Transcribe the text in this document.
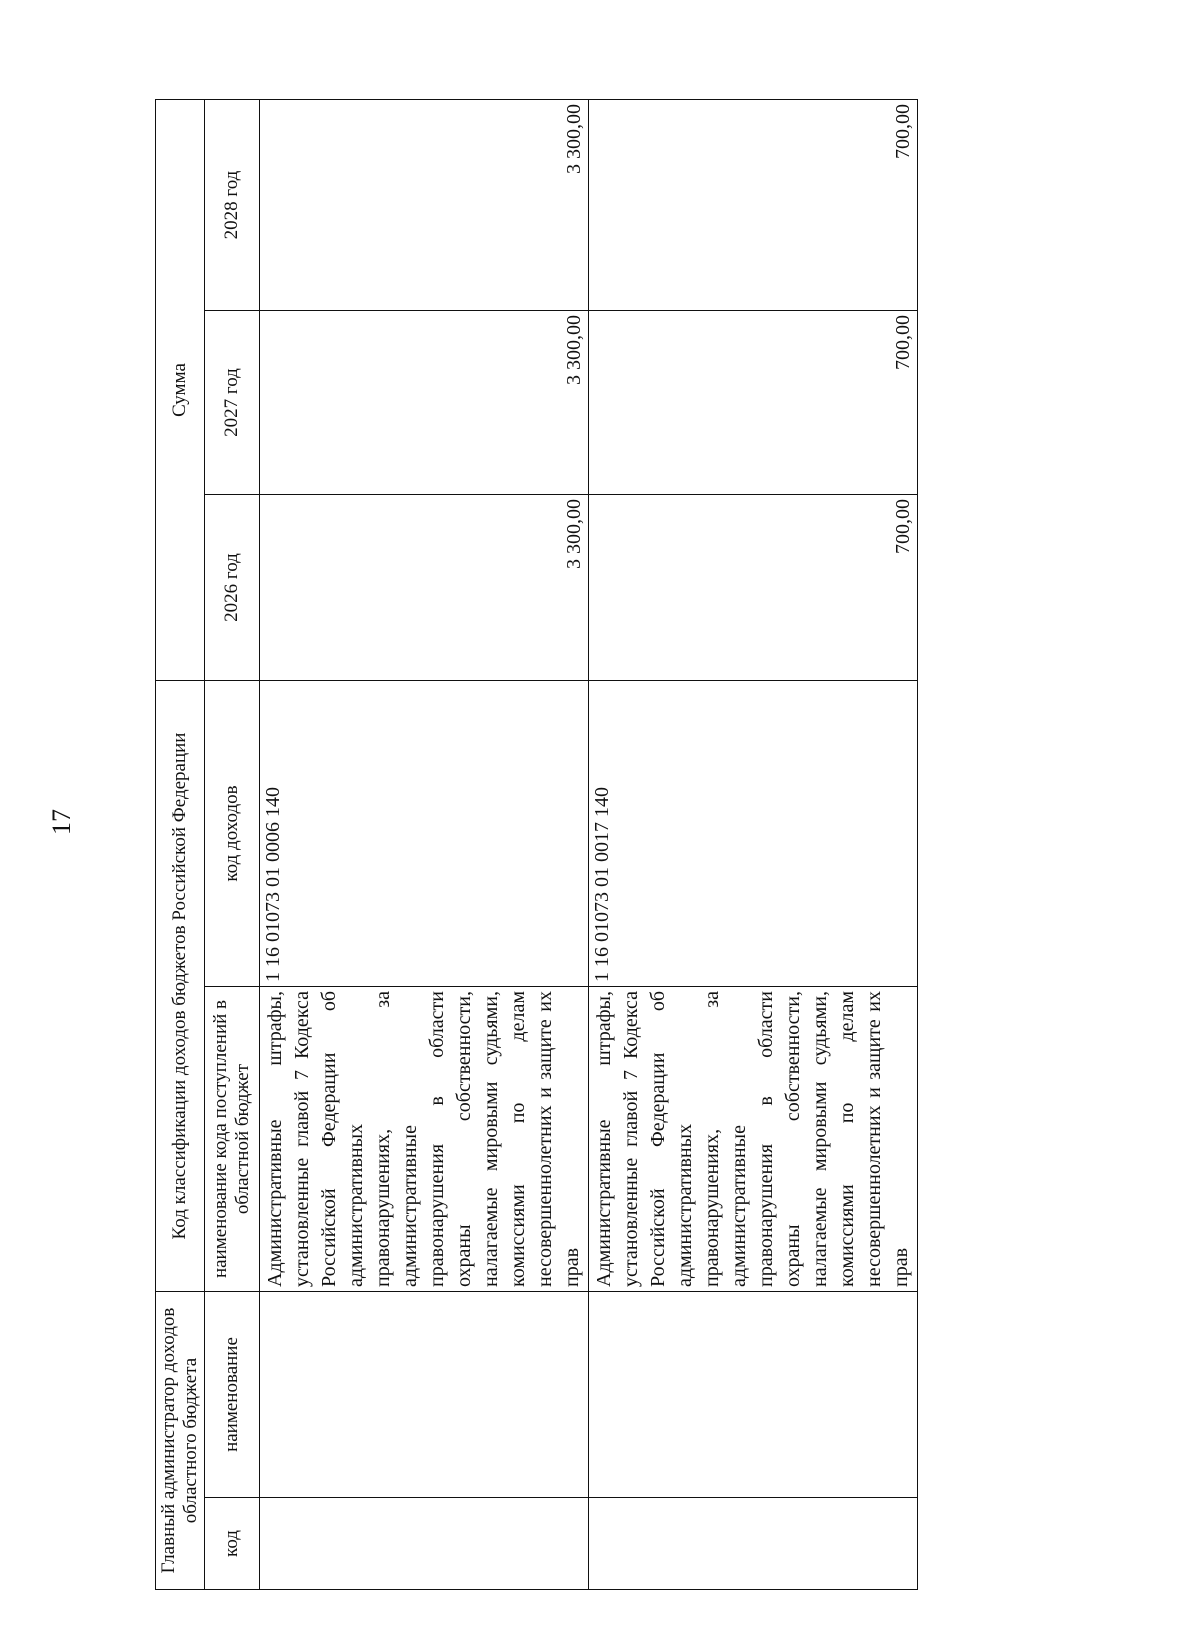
17
Главный администратор доходов областного бюджета		Код классификации доходов бюджетов Российской Федерации		Сумма		
код	наименование	наименование кода поступлений в областной бюджет	код доходов	2026 год	2027 год	2028 год
		Административные штрафы, установленные главой 7 Кодекса Российской Федерации об административных правонарушениях, за административные правонарушения в области охраны собственности, налагаемые мировыми судьями, комиссиями по делам несовершеннолетних и защите их прав	1 16 01073 01 0006 140	3 300,00	3 300,00	3 300,00
		Административные штрафы, установленные главой 7 Кодекса Российской Федерации об административных правонарушениях, за административные правонарушения в области охраны собственности, налагаемые мировыми судьями, комиссиями по делам несовершеннолетних и защите их прав	1 16 01073 01 0017 140	700,00	700,00	700,00
